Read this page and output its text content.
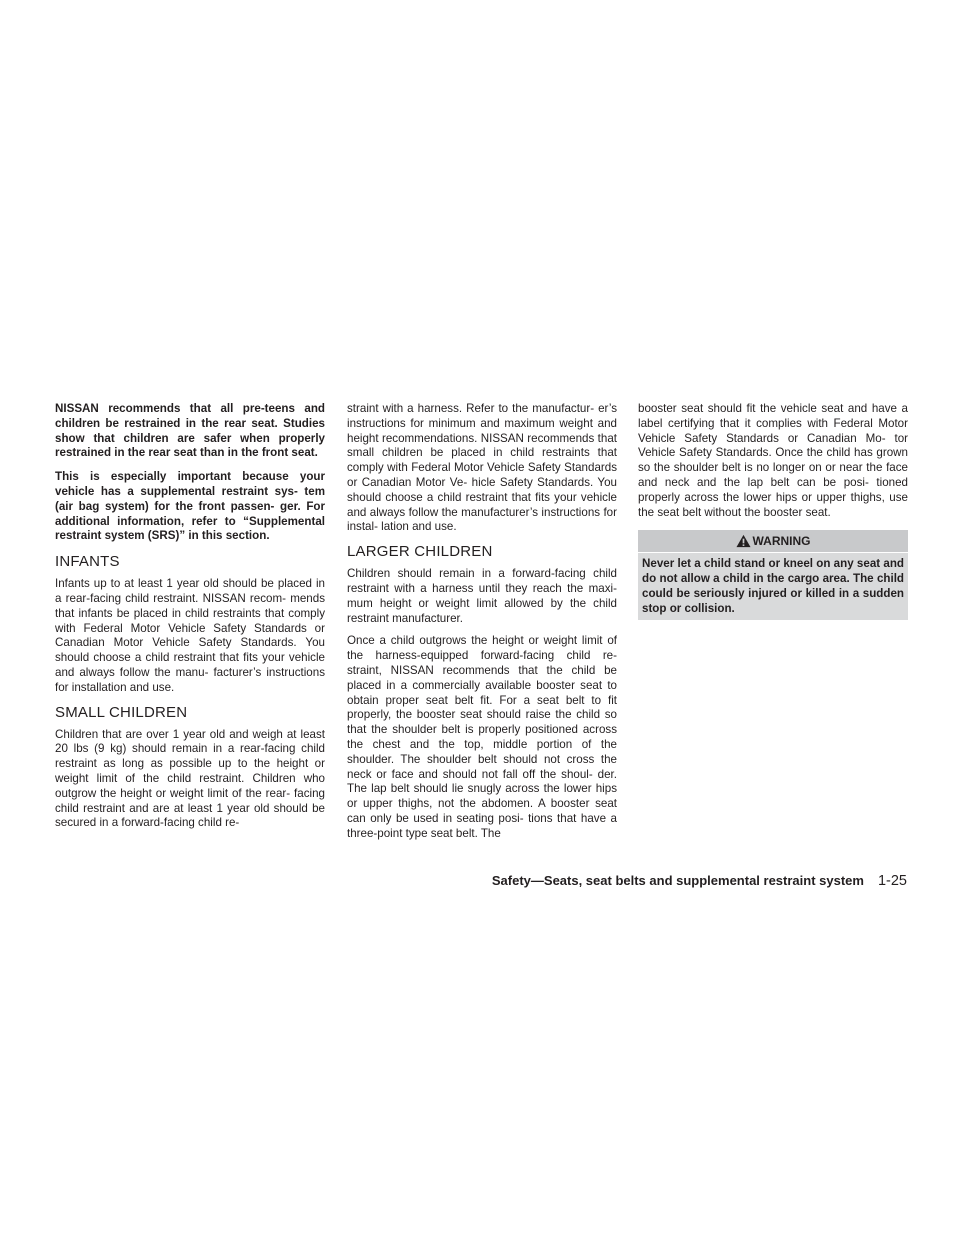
NISSAN recommends that all pre-teens and children be restrained in the rear seat. Studies show that children are safer when properly restrained in the rear seat than in the front seat.

This is especially important because your vehicle has a supplemental restraint sys- tem (air bag system) for the front passen- ger. For additional information, refer to “Supplemental restraint system (SRS)” in this section.

INFANTS

Infants up to at least 1 year old should be placed in a rear-facing child restraint. NISSAN recom- mends that infants be placed in child restraints that comply with Federal Motor Vehicle Safety Standards or Canadian Motor Vehicle Safety Standards. You should choose a child restraint that fits your vehicle and always follow the manu- facturer’s instructions for installation and use.

SMALL CHILDREN

Children that are over 1 year old and weigh at least 20 lbs (9 kg) should remain in a rear-facing child restraint as long as possible up to the height or weight limit of the child restraint. Children who outgrow the height or weight limit of the rear- facing child restraint and are at least 1 year old should be secured in a forward-facing child re-

straint with a harness. Refer to the manufactur- er’s instructions for minimum and maximum weight and height recommendations. NISSAN recommends that small children be placed in child restraints that comply with Federal Motor Vehicle Safety Standards or Canadian Motor Ve- hicle Safety Standards. You should choose a child restraint that fits your vehicle and always follow the manufacturer’s instructions for instal- lation and use.

LARGER CHILDREN

Children should remain in a forward-facing child restraint with a harness until they reach the maxi- mum height or weight limit allowed by the child restraint manufacturer.

Once a child outgrows the height or weight limit of the harness-equipped forward-facing child re- straint, NISSAN recommends that the child be placed in a commercially available booster seat to obtain proper seat belt fit. For a seat belt to fit properly, the booster seat should raise the child so that the shoulder belt is properly positioned across the chest and the top, middle portion of the shoulder. The shoulder belt should not cross the neck or face and should not fall off the shoul- der. The lap belt should lie snugly across the lower hips or upper thighs, not the abdomen. A booster seat can only be used in seating posi- tions that have a three-point type seat belt. The

booster seat should fit the vehicle seat and have a label certifying that it complies with Federal Motor Vehicle Safety Standards or Canadian Mo- tor Vehicle Safety Standards. Once the child has grown so the shoulder belt is no longer on or near the face and neck and the lap belt can be posi- tioned properly across the lower hips or upper thighs, use the seat belt without the booster seat.

WARNING
Never let a child stand or kneel on any seat and do not allow a child in the cargo area. The child could be seriously injured or killed in a sudden stop or collision.
Safety—Seats, seat belts and supplemental restraint system 1-25
